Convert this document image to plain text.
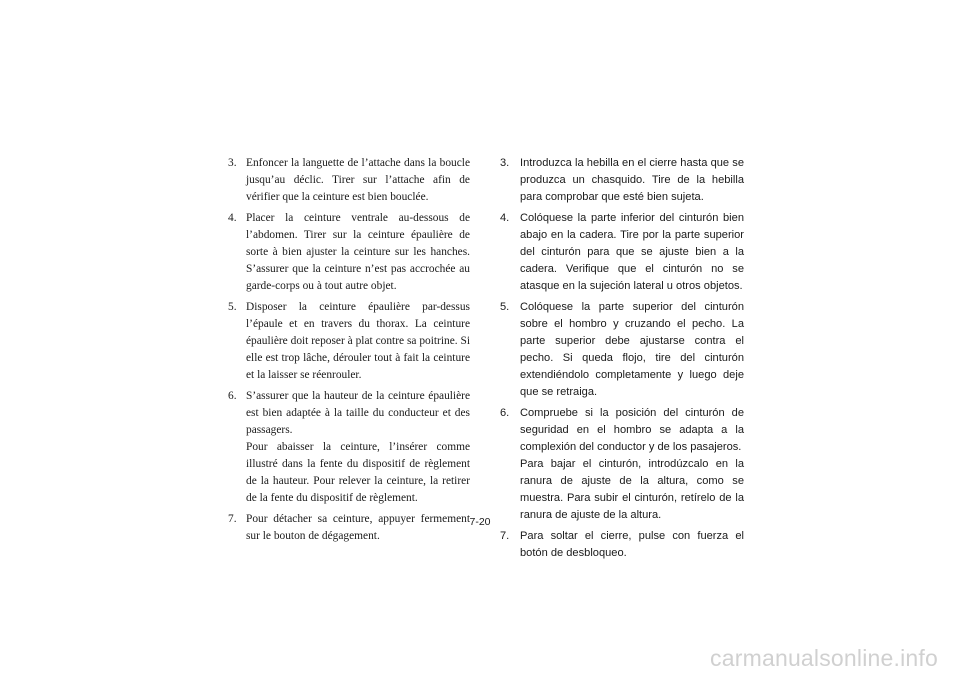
3. Enfoncer la languette de l’attache dans la boucle jusqu’au déclic. Tirer sur l’attache afin de vérifier que la ceinture est bien bouclée.
4. Placer la ceinture ventrale au-dessous de l’abdomen. Tirer sur la ceinture épaulière de sorte à bien ajuster la ceinture sur les hanches. S’assurer que la ceinture n’est pas accrochée au garde-corps ou à tout autre objet.
5. Disposer la ceinture épaulière par-dessus l’épaule et en travers du thorax. La ceinture épaulière doit reposer à plat contre sa poitrine. Si elle est trop lâche, dérouler tout à fait la ceinture et la laisser se réenrouler.
6. S’assurer que la hauteur de la ceinture épaulière est bien adaptée à la taille du conducteur et des passagers.
Pour abaisser la ceinture, l’insérer comme illustré dans la fente du dispositif de règlement de la hauteur. Pour relever la ceinture, la retirer de la fente du dispositif de règlement.
7. Pour détacher sa ceinture, appuyer fermement sur le bouton de dégagement.
3. Introduzca la hebilla en el cierre hasta que se produzca un chasquido. Tire de la hebilla para comprobar que esté bien sujeta.
4. Colóquese la parte inferior del cinturón bien abajo en la cadera. Tire por la parte superior del cinturón para que se ajuste bien a la cadera. Verifique que el cinturón no se atasque en la sujeción lateral u otros objetos.
5. Colóquese la parte superior del cinturón sobre el hombro y cruzando el pecho. La parte superior debe ajustarse contra el pecho. Si queda flojo, tire del cinturón extendiéndolo completamente y luego deje que se retraiga.
6. Compruebe si la posición del cinturón de seguridad en el hombro se adapta a la complexión del conductor y de los pasajeros.
Para bajar el cinturón, introdúzcalo en la ranura de ajuste de la altura, como se muestra. Para subir el cinturón, retírelo de la ranura de ajuste de la altura.
7. Para soltar el cierre, pulse con fuerza el botón de desbloqueo.
7-20
carmanualsonline.info
